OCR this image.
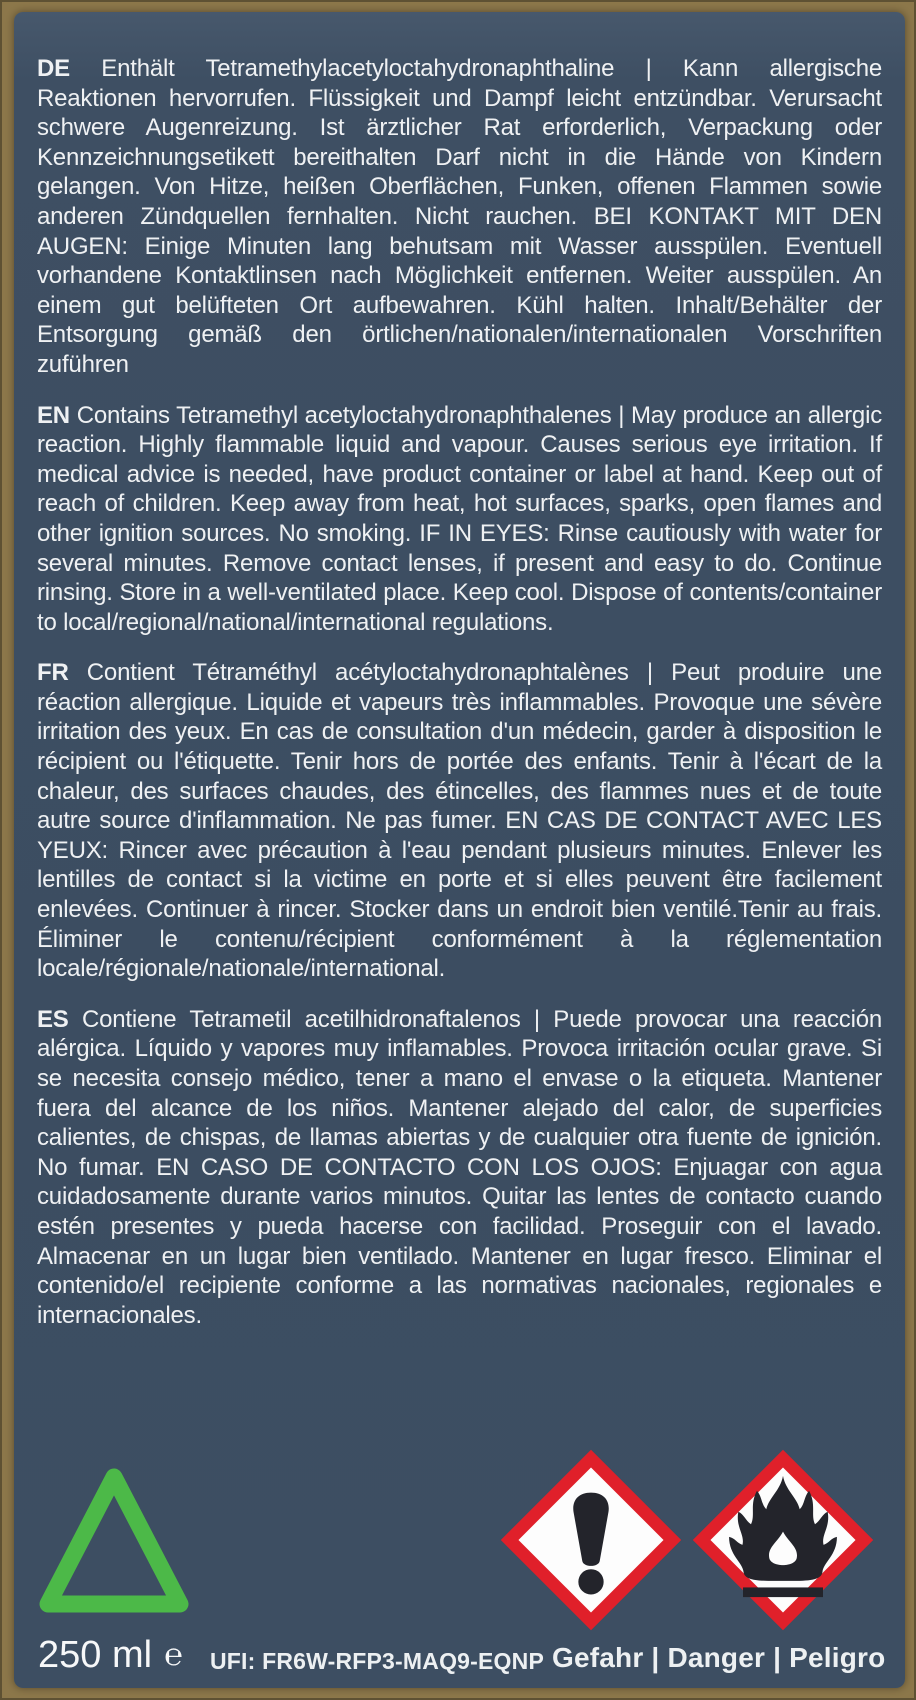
DE Enthält Tetramethylacetyloctahydronaphthaline | Kann allergische Reaktionen hervorrufen. Flüssigkeit und Dampf leicht entzündbar. Verursacht schwere Augenreizung. Ist ärztlicher Rat erforderlich, Verpackung oder Kennzeichnungsetikett bereithalten Darf nicht in die Hände von Kindern gelangen. Von Hitze, heißen Oberflächen, Funken, offenen Flammen sowie anderen Zündquellen fernhalten. Nicht rauchen. BEI KONTAKT MIT DEN AUGEN: Einige Minuten lang behutsam mit Wasser ausspülen. Eventuell vorhandene Kontaktlinsen nach Möglichkeit entfernen. Weiter ausspülen. An einem gut belüfteten Ort aufbewahren. Kühl halten. Inhalt/Behälter der Entsorgung gemäß den örtlichen/nationalen/internationalen Vorschriften zuführen

EN Contains Tetramethyl acetyloctahydronaphthalenes | May produce an allergic reaction. Highly flammable liquid and vapour. Causes serious eye irritation. If medical advice is needed, have product container or label at hand. Keep out of reach of children. Keep away from heat, hot surfaces, sparks, open flames and other ignition sources. No smoking. IF IN EYES: Rinse cautiously with water for several minutes. Remove contact lenses, if present and easy to do. Continue rinsing. Store in a well-ventilated place. Keep cool. Dispose of contents/container to local/regional/national/international regulations.

FR Contient Tétraméthyl acétyloctahydronaphtalènes | Peut produire une réaction allergique. Liquide et vapeurs très inflammables. Provoque une sévère irritation des yeux. En cas de consultation d'un médecin, garder à disposition le récipient ou l'étiquette. Tenir hors de portée des enfants. Tenir à l'écart de la chaleur, des surfaces chaudes, des étincelles, des flammes nues et de toute autre source d'inflammation. Ne pas fumer. EN CAS DE CONTACT AVEC LES YEUX: Rincer avec précaution à l'eau pendant plusieurs minutes. Enlever les lentilles de contact si la victime en porte et si elles peuvent être facilement enlevées. Continuer à rincer. Stocker dans un endroit bien ventilé.Tenir au frais. Éliminer le contenu/récipient conformément à la réglementation locale/régionale/nationale/international.

ES Contiene Tetrametil acetilhidronaftalenos | Puede provocar una reacción alérgica. Líquido y vapores muy inflamables. Provoca irritación ocular grave. Si se necesita consejo médico, tener a mano el envase o la etiqueta. Mantener fuera del alcance de los niños. Mantener alejado del calor, de superficies calientes, de chispas, de llamas abiertas y de cualquier otra fuente de ignición. No fumar. EN CASO DE CONTACTO CON LOS OJOS: Enjuagar con agua cuidadosamente durante varios minutos. Quitar las lentes de contacto cuando estén presentes y pueda hacerse con facilidad. Proseguir con el lavado. Almacenar en un lugar bien ventilado. Mantener en lugar fresco. Eliminar el contenido/el recipiente conforme a las normativas nacionales, regionales e internacionales.

250 ml ℮ UFI: FR6W-RFP3-MAQ9-EQNP Gefahr | Danger | Peligro
